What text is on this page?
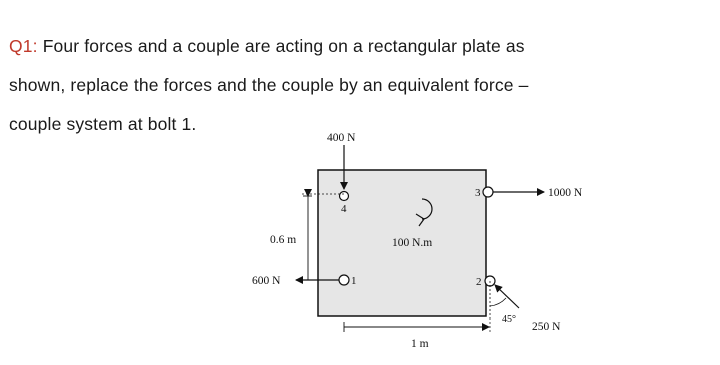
Q1: Four forces and a couple are acting on a rectangular plate as
shown, replace the forces and the couple by an equivalent force –
couple system at bolt 1.
4
1
3
2
400 N
1000 N
600 N
250 N
45°
100 N.m
0.6 m
1 m
